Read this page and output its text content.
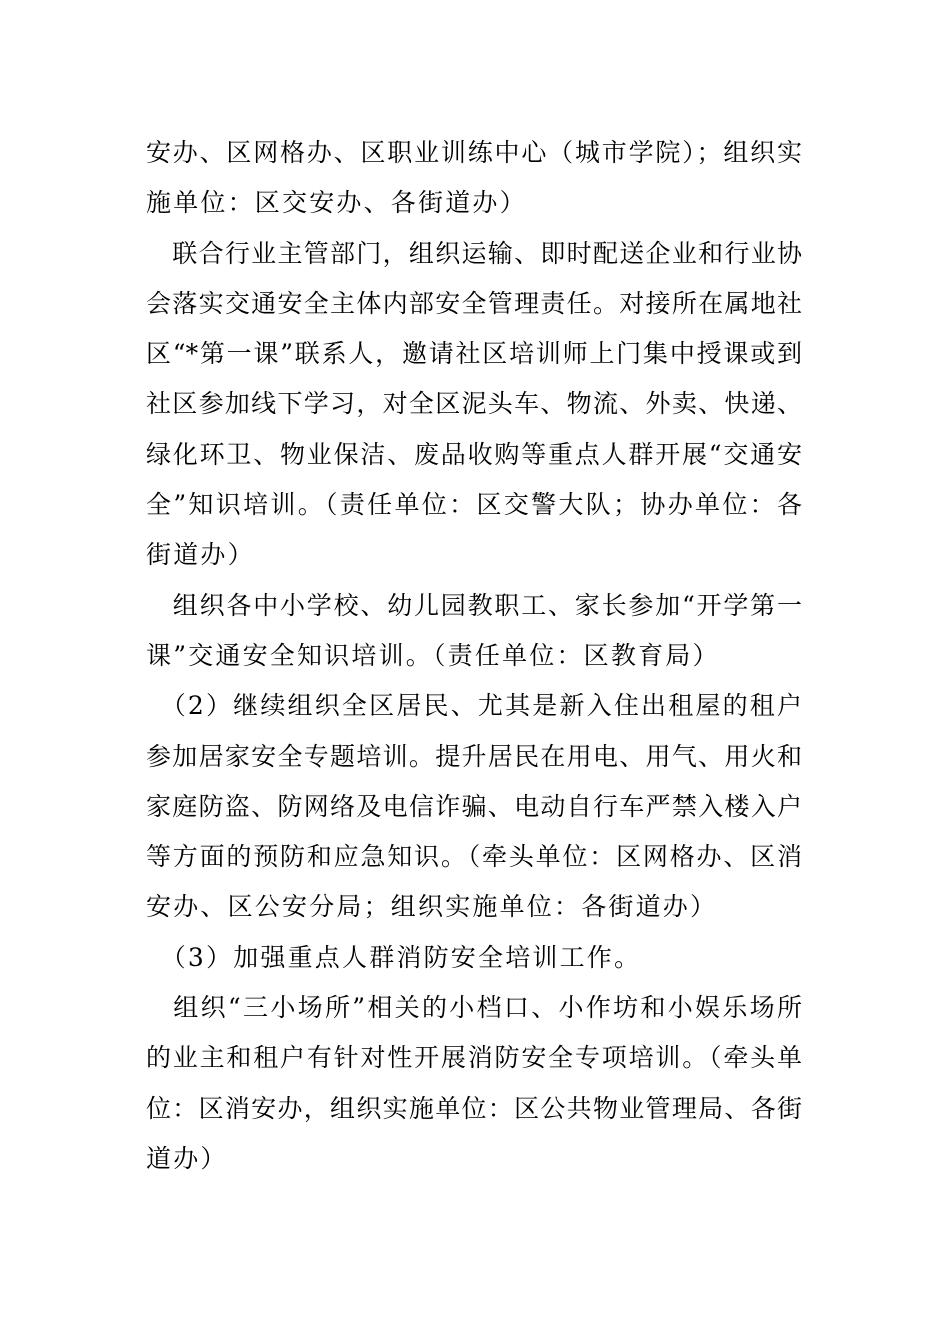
安办、区网格办、区职业训练中心（城市学院）；组织实
施单位：区交安办、各街道办）
　联合行业主管部门，组织运输、即时配送企业和行业协
会落实交通安全主体内部安全管理责任。对接所在属地社
区“*第一课”联系人，邀请社区培训师上门集中授课或到
社区参加线下学习，对全区泥头车、物流、外卖、快递、
绿化环卫、物业保洁、废品收购等重点人群开展“交通安
全”知识培训。（责任单位：区交警大队；协办单位：各
街道办）
　组织各中小学校、幼儿园教职工、家长参加“开学第一
课”交通安全知识培训。（责任单位：区教育局）
　（2）继续组织全区居民、尤其是新入住出租屋的租户
参加居家安全专题培训。提升居民在用电、用气、用火和
家庭防盗、防网络及电信诈骗、电动自行车严禁入楼入户
等方面的预防和应急知识。（牵头单位：区网格办、区消
安办、区公安分局；组织实施单位：各街道办）
　（3）加强重点人群消防安全培训工作。
　组织“三小场所”相关的小档口、小作坊和小娱乐场所
的业主和租户有针对性开展消防安全专项培训。（牵头单
位：区消安办，组织实施单位：区公共物业管理局、各街
道办）
